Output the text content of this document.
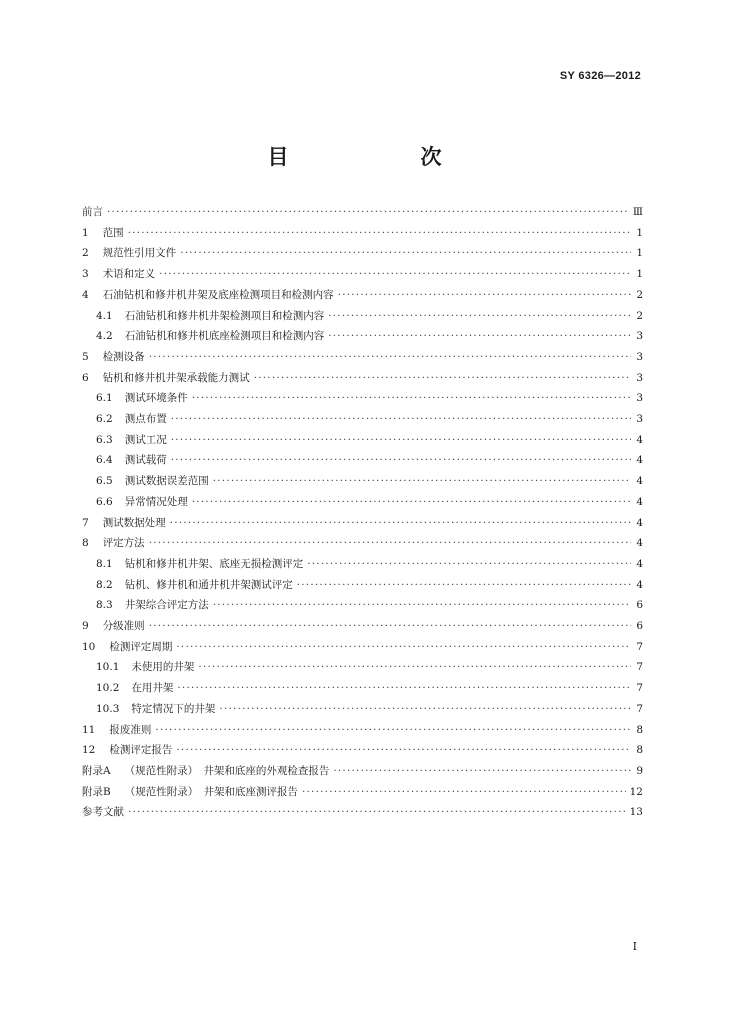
SY 6326—2012
目　　次
前言 ·····	Ⅲ
1 范围 ·····	1
2 规范性引用文件 ·····	1
3 术语和定义 ·····	1
4 石油钻机和修井机井架及底座检测项目和检测内容 ·····	2
4.1 石油钻机和修井机井架检测项目和检测内容 ·····	2
4.2 石油钻机和修井机底座检测项目和检测内容 ·····	3
5 检测设备 ·····	3
6 钻机和修井机井架承载能力测试 ·····	3
6.1 测试环境条件 ·····	3
6.2 测点布置 ·····	3
6.3 测试工况 ·····	4
6.4 测试载荷 ·····	4
6.5 测试数据误差范围 ·····	4
6.6 异常情况处理 ·····	4
7 测试数据处理 ·····	4
8 评定方法 ·····	4
8.1 钻机和修井机井架、底座无损检测评定 ·····	4
8.2 钻机、修井机和通井机井架测试评定 ·····	4
8.3 井架综合评定方法 ·····	6
9 分级准则 ·····	6
10 检测评定周期 ·····	7
10.1 未使用的井架 ·····	7
10.2 在用井架 ·····	7
10.3 特定情况下的井架 ·····	7
11 报废准则 ·····	8
12 检测评定报告 ·····	8
附录A （规范性附录）　井架和底座的外观检查报告 ·····	9
附录B （规范性附录）　井架和底座测评报告 ·····	12
参考文献 ·····	13
I
